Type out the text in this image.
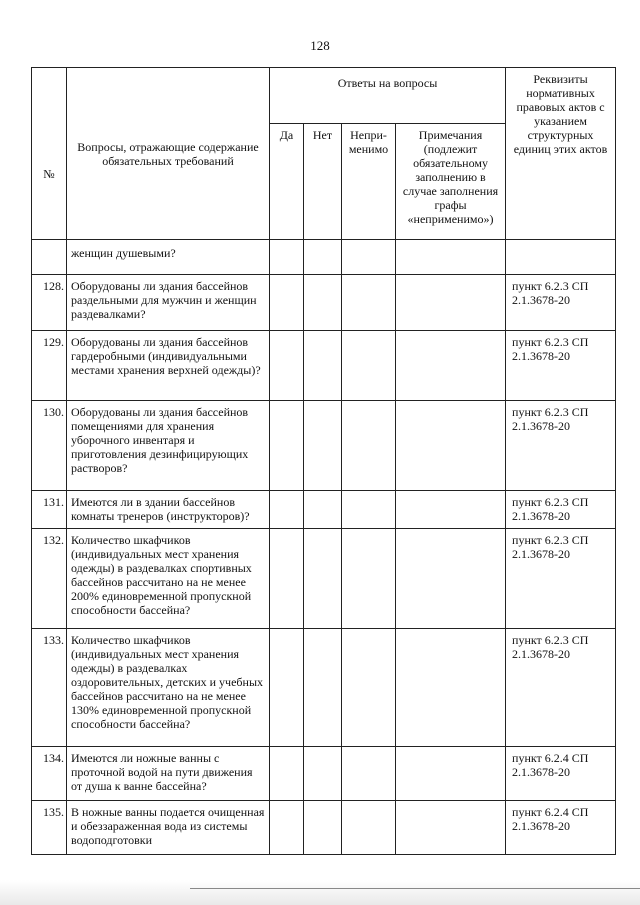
128
№	Вопросы, отражающие содержание обязательных требований	Ответы на вопросы				Реквизиты нормативных правовых актов с указанием структурных единиц этих актов
		Да	Нет	Непри-менимо	Примечания (подлежит обязательному заполнению в случае заполнения графы «неприменимо»)	
	женщин душевыми?					
128.	Оборудованы ли здания бассейнов раздельными для мужчин и женщин раздевалками?					пункт 6.2.3 СП 2.1.3678-20
129.	Оборудованы ли здания бассейнов гардеробными (индивидуальными местами хранения верхней одежды)?					пункт 6.2.3 СП 2.1.3678-20
130.	Оборудованы ли здания бассейнов помещениями для хранения уборочного инвентаря и приготовления дезинфицирующих растворов?					пункт 6.2.3 СП 2.1.3678-20
131.	Имеются ли в здании бассейнов комнаты тренеров (инструкторов)?					пункт 6.2.3 СП 2.1.3678-20
132.	Количество шкафчиков (индивидуальных мест хранения одежды) в раздевалках спортивных бассейнов рассчитано на не менее 200% единовременной пропускной способности бассейна?					пункт 6.2.3 СП 2.1.3678-20
133.	Количество шкафчиков (индивидуальных мест хранения одежды) в раздевалках оздоровительных, детских и учебных бассейнов рассчитано на не менее 130% единовременной пропускной способности бассейна?					пункт 6.2.3 СП 2.1.3678-20
134.	Имеются ли ножные ванны с проточной водой на пути движения от душа к ванне бассейна?					пункт 6.2.4 СП 2.1.3678-20
135.	В ножные ванны подается очищенная и обеззараженная вода из системы водоподготовки					пункт 6.2.4 СП 2.1.3678-20
